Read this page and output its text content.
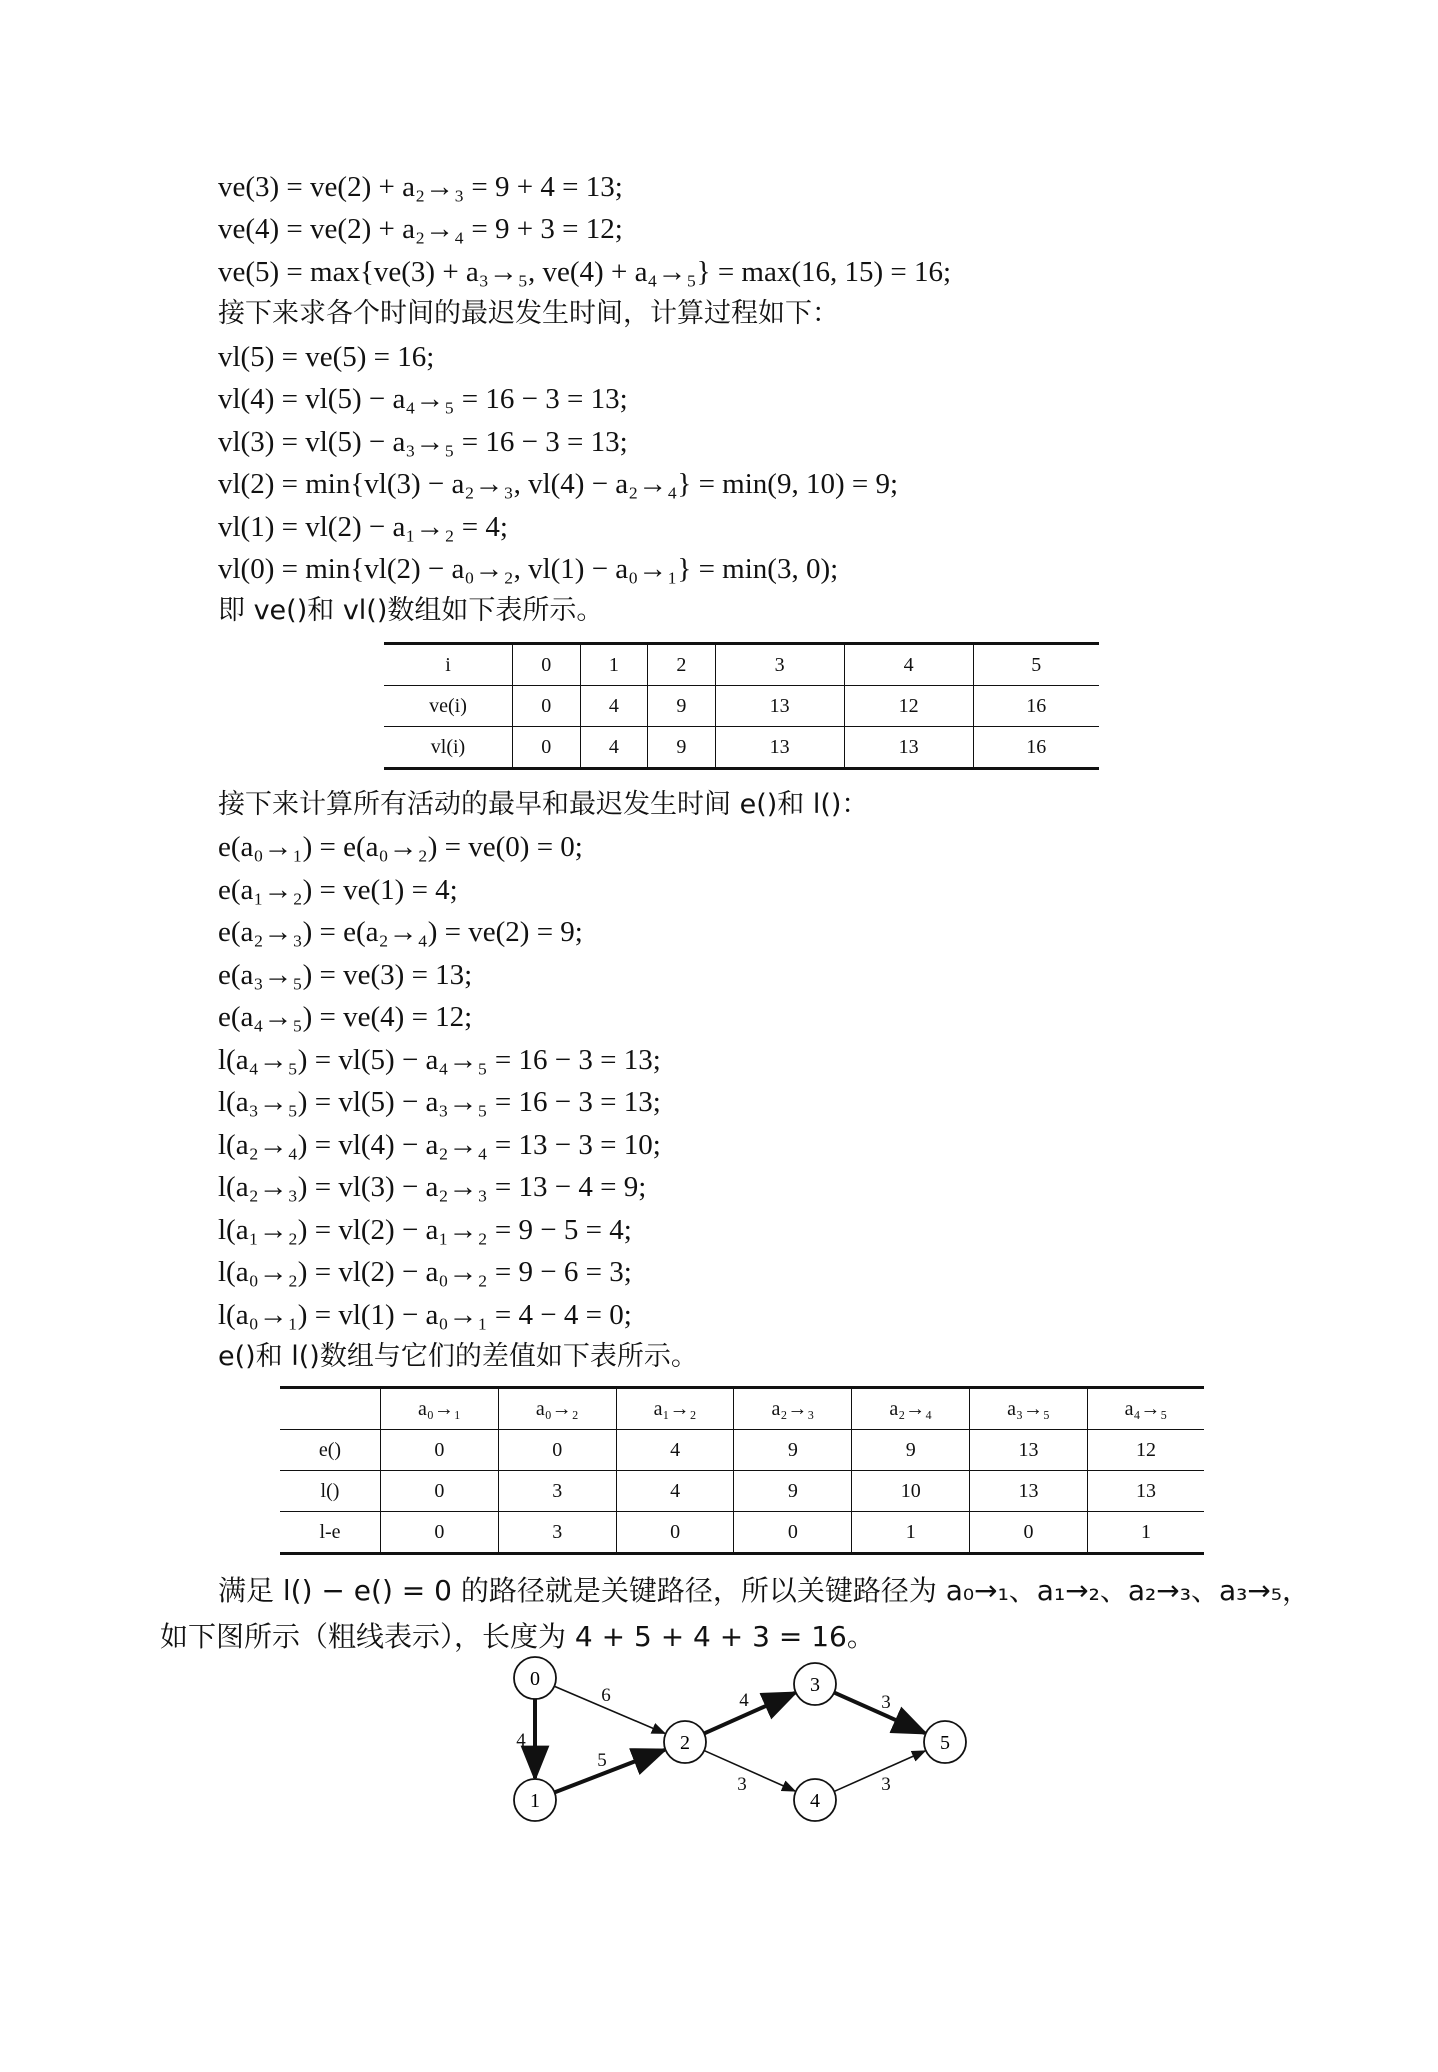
ve(3) = ve(2) + a₂→₃ = 9 + 4 = 13;
ve(4) = ve(2) + a₂→₄ = 9 + 3 = 12;
ve(5) = max{ve(3) + a₃→₅, ve(4) + a₄→₅} = max(16, 15) = 16;
接下来求各个时间的最迟发生时间，计算过程如下：
vl(5) = ve(5) = 16;
vl(4) = vl(5) − a₄→₅ = 16 − 3 = 13;
vl(3) = vl(5) − a₃→₅ = 16 − 3 = 13;
vl(2) = min{vl(3) − a₂→₃, vl(4) − a₂→₄} = min(9, 10) = 9;
vl(1) = vl(2) − a₁→₂ = 4;
vl(0) = min{vl(2) − a₀→₂, vl(1) − a₀→₁} = min(3, 0);
即 ve()和 vl()数组如下表所示。
i	0	1	2	3	4	5
ve(i)	0	4	9	13	12	16
vl(i)	0	4	9	13	13	16
接下来计算所有活动的最早和最迟发生时间 e()和 l()：
e(a₀→₁) = e(a₀→₂) = ve(0) = 0;
e(a₁→₂) = ve(1) = 4;
e(a₂→₃) = e(a₂→₄) = ve(2) = 9;
e(a₃→₅) = ve(3) = 13;
e(a₄→₅) = ve(4) = 12;
l(a₄→₅) = vl(5) − a₄→₅ = 16 − 3 = 13;
l(a₃→₅) = vl(5) − a₃→₅ = 16 − 3 = 13;
l(a₂→₄) = vl(4) − a₂→₄ = 13 − 3 = 10;
l(a₂→₃) = vl(3) − a₂→₃ = 13 − 4 = 9;
l(a₁→₂) = vl(2) − a₁→₂ = 9 − 5 = 4;
l(a₀→₂) = vl(2) − a₀→₂ = 9 − 6 = 3;
l(a₀→₁) = vl(1) − a₀→₁ = 4 − 4 = 0;
e()和 l()数组与它们的差值如下表所示。
	a₀→₁	a₀→₂	a₁→₂	a₂→₃	a₂→₄	a₃→₅	a₄→₅
e()	0	0	4	9	9	13	12
l()	0	3	4	9	10	13	13
l-e	0	3	0	0	1	0	1
满足 l() − e() = 0 的路径就是关键路径，所以关键路径为 a₀→₁、a₁→₂、a₂→₃、a₃→₅，如下图所示（粗线表示），长度为 4 + 5 + 4 + 3 = 16。
4
6
5
4
3
3
3
0
1
2
3
4
5
